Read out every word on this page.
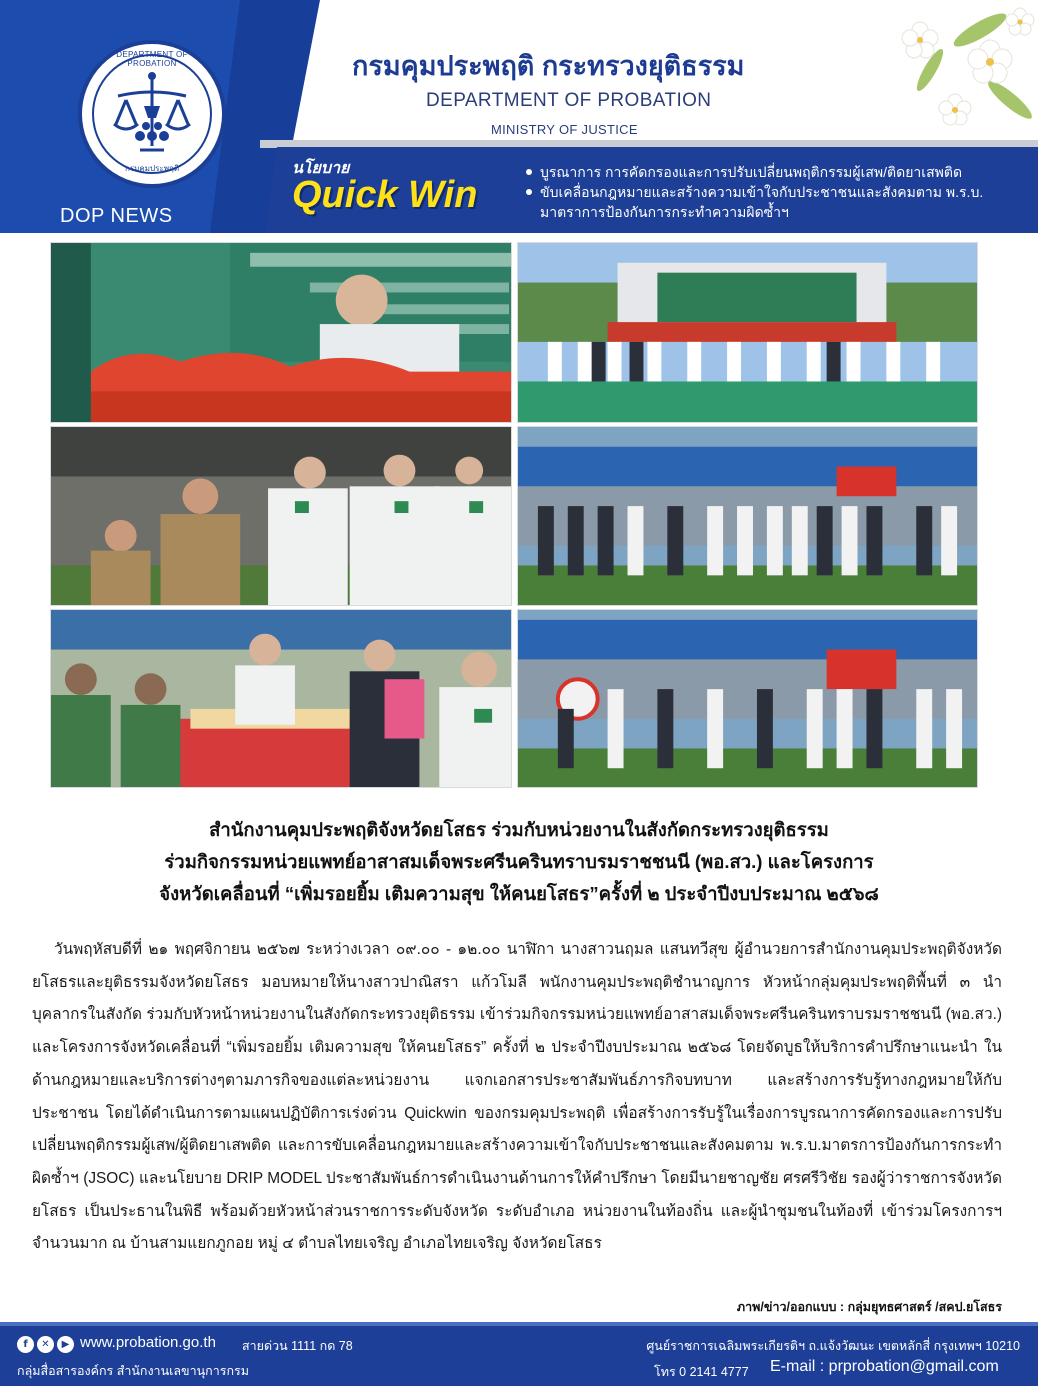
DEPARTMENT OF PROBATION
กรมคุมประพฤติ
DOP NEWS
กรมคุมประพฤติ กระทรวงยุติธรรม
DEPARTMENT OF PROBATION
MINISTRY OF JUSTICE
นโยบาย
Quick Win
บูรณาการ การคัดกรองและการปรับเปลี่ยนพฤติกรรมผู้เสพ/ติดยาเสพติด
ขับเคลื่อนกฎหมายและสร้างความเข้าใจกับประชาชนและสังคมตาม พ.ร.บ. มาตราการป้องกันการกระทำความผิดซ้ำฯ
สำนักงานคุมประพฤติจังหวัดยโสธร ร่วมกับหน่วยงานในสังกัดกระทรวงยุติธรรม
ร่วมกิจกรรมหน่วยแพทย์อาสาสมเด็จพระศรีนครินทราบรมราชชนนี (พอ.สว.) และโครงการ
จังหวัดเคลื่อนที่ “เพิ่มรอยยิ้ม เติมความสุข ให้คนยโสธร”ครั้งที่ ๒ ประจำปีงบประมาณ ๒๕๖๘

วันพฤหัสบดีที่ ๒๑ พฤศจิกายน ๒๕๖๗ ระหว่างเวลา ๐๙.๐๐ - ๑๒.๐๐ นาฬิกา นางสาวนฤมล แสนทวีสุข ผู้อำนวยการสำนักงานคุมประพฤติจังหวัดยโสธรและยุติธรรมจังหวัดยโสธร มอบหมายให้นางสาวปาณิสรา แก้วโมลี พนักงานคุมประพฤติชำนาญการ หัวหน้ากลุ่มคุมประพฤติพื้นที่ ๓ นำบุคลากรในสังกัด ร่วมกับหัวหน้าหน่วยงานในสังกัดกระทรวงยุติธรรม เข้าร่วมกิจกรรมหน่วยแพทย์อาสาสมเด็จพระศรีนครินทราบรมราชชนนี (พอ.สว.) และโครงการจังหวัดเคลื่อนที่ “เพิ่มรอยยิ้ม เติมความสุข ให้คนยโสธร” ครั้งที่ ๒ ประจำปีงบประมาณ ๒๕๖๘ โดยจัดบูธให้บริการคำปรึกษาแนะนำ ในด้านกฎหมายและบริการต่างๆตามภารกิจของแต่ละหน่วยงาน แจกเอกสารประชาสัมพันธ์ภารกิจบทบาท และสร้างการรับรู้ทางกฎหมายให้กับประชาชน โดยได้ดำเนินการตามแผนปฏิบัติการเร่งด่วน Quickwin ของกรมคุมประพฤติ เพื่อสร้างการรับรู้ในเรื่องการบูรณาการคัดกรองและการปรับเปลี่ยนพฤติกรรมผู้เสพ/ผู้ติดยาเสพติด และการขับเคลื่อนกฎหมายและสร้างความเข้าใจกับประชาชนและสังคมตาม พ.ร.บ.มาตรการป้องกันการกระทำผิดซ้ำฯ (JSOC) และนโยบาย DRIP MODEL ประชาสัมพันธ์การดำเนินงานด้านการให้คำปรึกษา โดยมีนายชาญชัย ศรศรีวิชัย รองผู้ว่าราชการจังหวัดยโสธร เป็นประธานในพิธี พร้อมด้วยหัวหน้าส่วนราชการระดับจังหวัด ระดับอำเภอ หน่วยงานในท้องถิ่น และผู้นำชุมชนในท้องที่ เข้าร่วมโครงการฯ จำนวนมาก ณ บ้านสามแยกภูกอย หมู่ ๔ ตำบลไทยเจริญ อำเภอไทยเจริญ จังหวัดยโสธร

ภาพ/ข่าว/ออกแบบ : กลุ่มยุทธศาสตร์ /สคป.ยโสธร
f	✕	▶ www.probation.go.th สายด่วน 1111 กด 78
กลุ่มสื่อสารองค์กร สำนักงานเลขานุการกรม
ศูนย์ราชการเฉลิมพระเกียรติฯ ถ.แจ้งวัฒนะ เขตหลักสี่ กรุงเทพฯ 10210
โทร 0 2141 4777 E-mail : prprobation@gmail.com
